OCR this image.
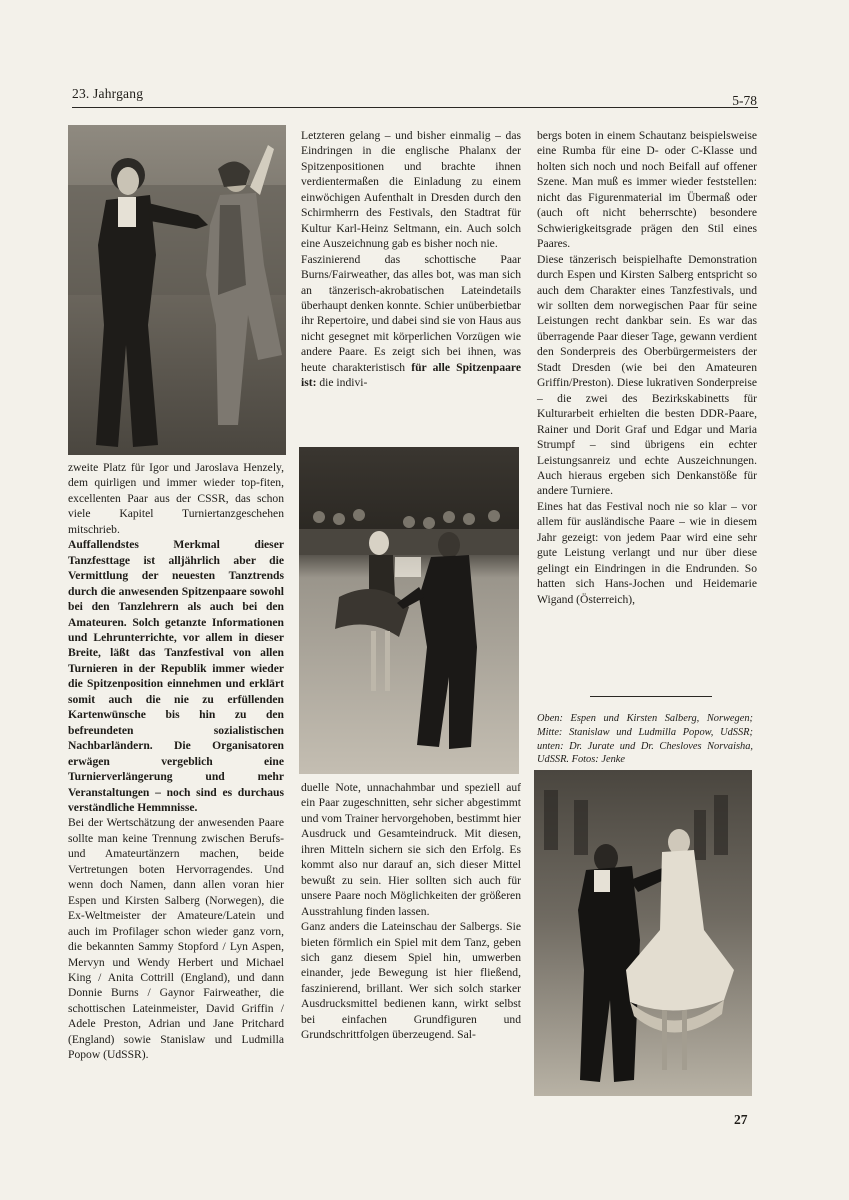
23. Jahrgang	5-78

zweite Platz für Igor und Jaroslava Henzely, dem quirligen und immer wieder top-fiten, excellenten Paar aus der CSSR, das schon viele Kapitel Turniertanzgeschehen mitschrieb.

Auffallendstes Merkmal dieser Tanzfesttage ist alljährlich aber die Vermittlung der neuesten Tanztrends durch die anwesenden Spitzenpaare sowohl bei den Tanzlehrern als auch bei den Amateuren. Solch getanzte Informationen und Lehrunterrichte, vor allem in dieser Breite, läßt das Tanzfestival von allen Turnieren in der Republik immer wieder die Spitzenposition einnehmen und erklärt somit auch die nie zu erfüllenden Kartenwünsche bis hin zu den befreundeten sozialistischen Nachbarländern. Die Organisatoren erwägen vergeblich eine Turnierverlängerung und mehr Veranstaltungen – noch sind es durchaus verständliche Hemmnisse.

Bei der Wertschätzung der anwesenden Paare sollte man keine Trennung zwischen Berufs- und Amateurtänzern machen, beide Vertretungen boten Hervorragendes. Und wenn doch Namen, dann allen voran hier Espen und Kirsten Salberg (Norwegen), die Ex-Weltmeister der Amateure/Latein und auch im Profilager schon wieder ganz vorn, die bekannten Sammy Stopford / Lyn Aspen, Mervyn und Wendy Herbert und Michael King / Anita Cottrill (England), und dann Donnie Burns / Gaynor Fairweather, die schottischen Lateinmeister, David Griffin / Adele Preston, Adrian und Jane Pritchard (England) sowie Stanislaw und Ludmilla Popow (UdSSR).

Letzteren gelang – und bisher einmalig – das Eindringen in die englische Phalanx der Spitzenpositionen und brachte ihnen verdientermaßen die Einladung zu einem einwöchigen Aufenthalt in Dresden durch den Schirmherrn des Festivals, den Stadtrat für Kultur Karl-Heinz Seltmann, ein. Auch solch eine Auszeichnung gab es bisher noch nie.

Faszinierend das schottische Paar Burns/Fairweather, das alles bot, was man sich an tänzerisch-akrobatischen Lateindetails überhaupt denken konnte. Schier unüberbietbar ihr Repertoire, und dabei sind sie von Haus aus nicht gesegnet mit körperlichen Vorzügen wie andere Paare. Es zeigt sich bei ihnen, was heute charakteristisch für alle Spitzenpaare ist: die indivi-

duelle Note, unnachahmbar und speziell auf ein Paar zugeschnitten, sehr sicher abgestimmt und vom Trainer hervorgehoben, bestimmt hier Ausdruck und Gesamteindruck. Mit diesen, ihren Mitteln sichern sie sich den Erfolg. Es kommt also nur darauf an, sich dieser Mittel bewußt zu sein. Hier sollten sich auch für unsere Paare noch Möglichkeiten der größeren Ausstrahlung finden lassen.

Ganz anders die Lateinschau der Salbergs. Sie bieten förmlich ein Spiel mit dem Tanz, geben sich ganz diesem Spiel hin, umwerben einander, jede Bewegung ist hier fließend, faszinierend, brillant. Wer sich solch starker Ausdrucksmittel bedienen kann, wirkt selbst bei einfachen Grundfiguren und Grundschrittfolgen überzeugend. Sal-

bergs boten in einem Schautanz beispielsweise eine Rumba für eine D- oder C-Klasse und holten sich noch und noch Beifall auf offener Szene. Man muß es immer wieder feststellen: nicht das Figurenmaterial im Übermaß oder (auch oft nicht beherrschte) besondere Schwierigkeitsgrade prägen den Stil eines Paares.

Diese tänzerisch beispielhafte Demonstration durch Espen und Kirsten Salberg entspricht so auch dem Charakter eines Tanzfestivals, und wir sollten dem norwegischen Paar für seine Leistungen recht dankbar sein. Es war das überragende Paar dieser Tage, gewann verdient den Sonderpreis des Oberbürgermeisters der Stadt Dresden (wie bei den Amateuren Griffin/Preston). Diese lukrativen Sonderpreise – die zwei des Bezirkskabinetts für Kulturarbeit erhielten die besten DDR-Paare, Rainer und Dorit Graf und Edgar und Maria Strumpf – sind übrigens ein echter Leistungsanreiz und echte Auszeichnungen. Auch hieraus ergeben sich Denkanstöße für andere Turniere.

Eines hat das Festival noch nie so klar – vor allem für ausländische Paare – wie in diesem Jahr gezeigt: von jedem Paar wird eine sehr gute Leistung verlangt und nur über diese gelingt ein Eindringen in die Endrunden. So hatten sich Hans-Jochen und Heidemarie Wigand (Österreich),

Oben: Espen und Kirsten Salberg, Norwegen; Mitte: Stanislaw und Ludmilla Popow, UdSSR; unten: Dr. Jurate und Dr. Chesloves Norvaisha, UdSSR. Fotos: Jenke
27
